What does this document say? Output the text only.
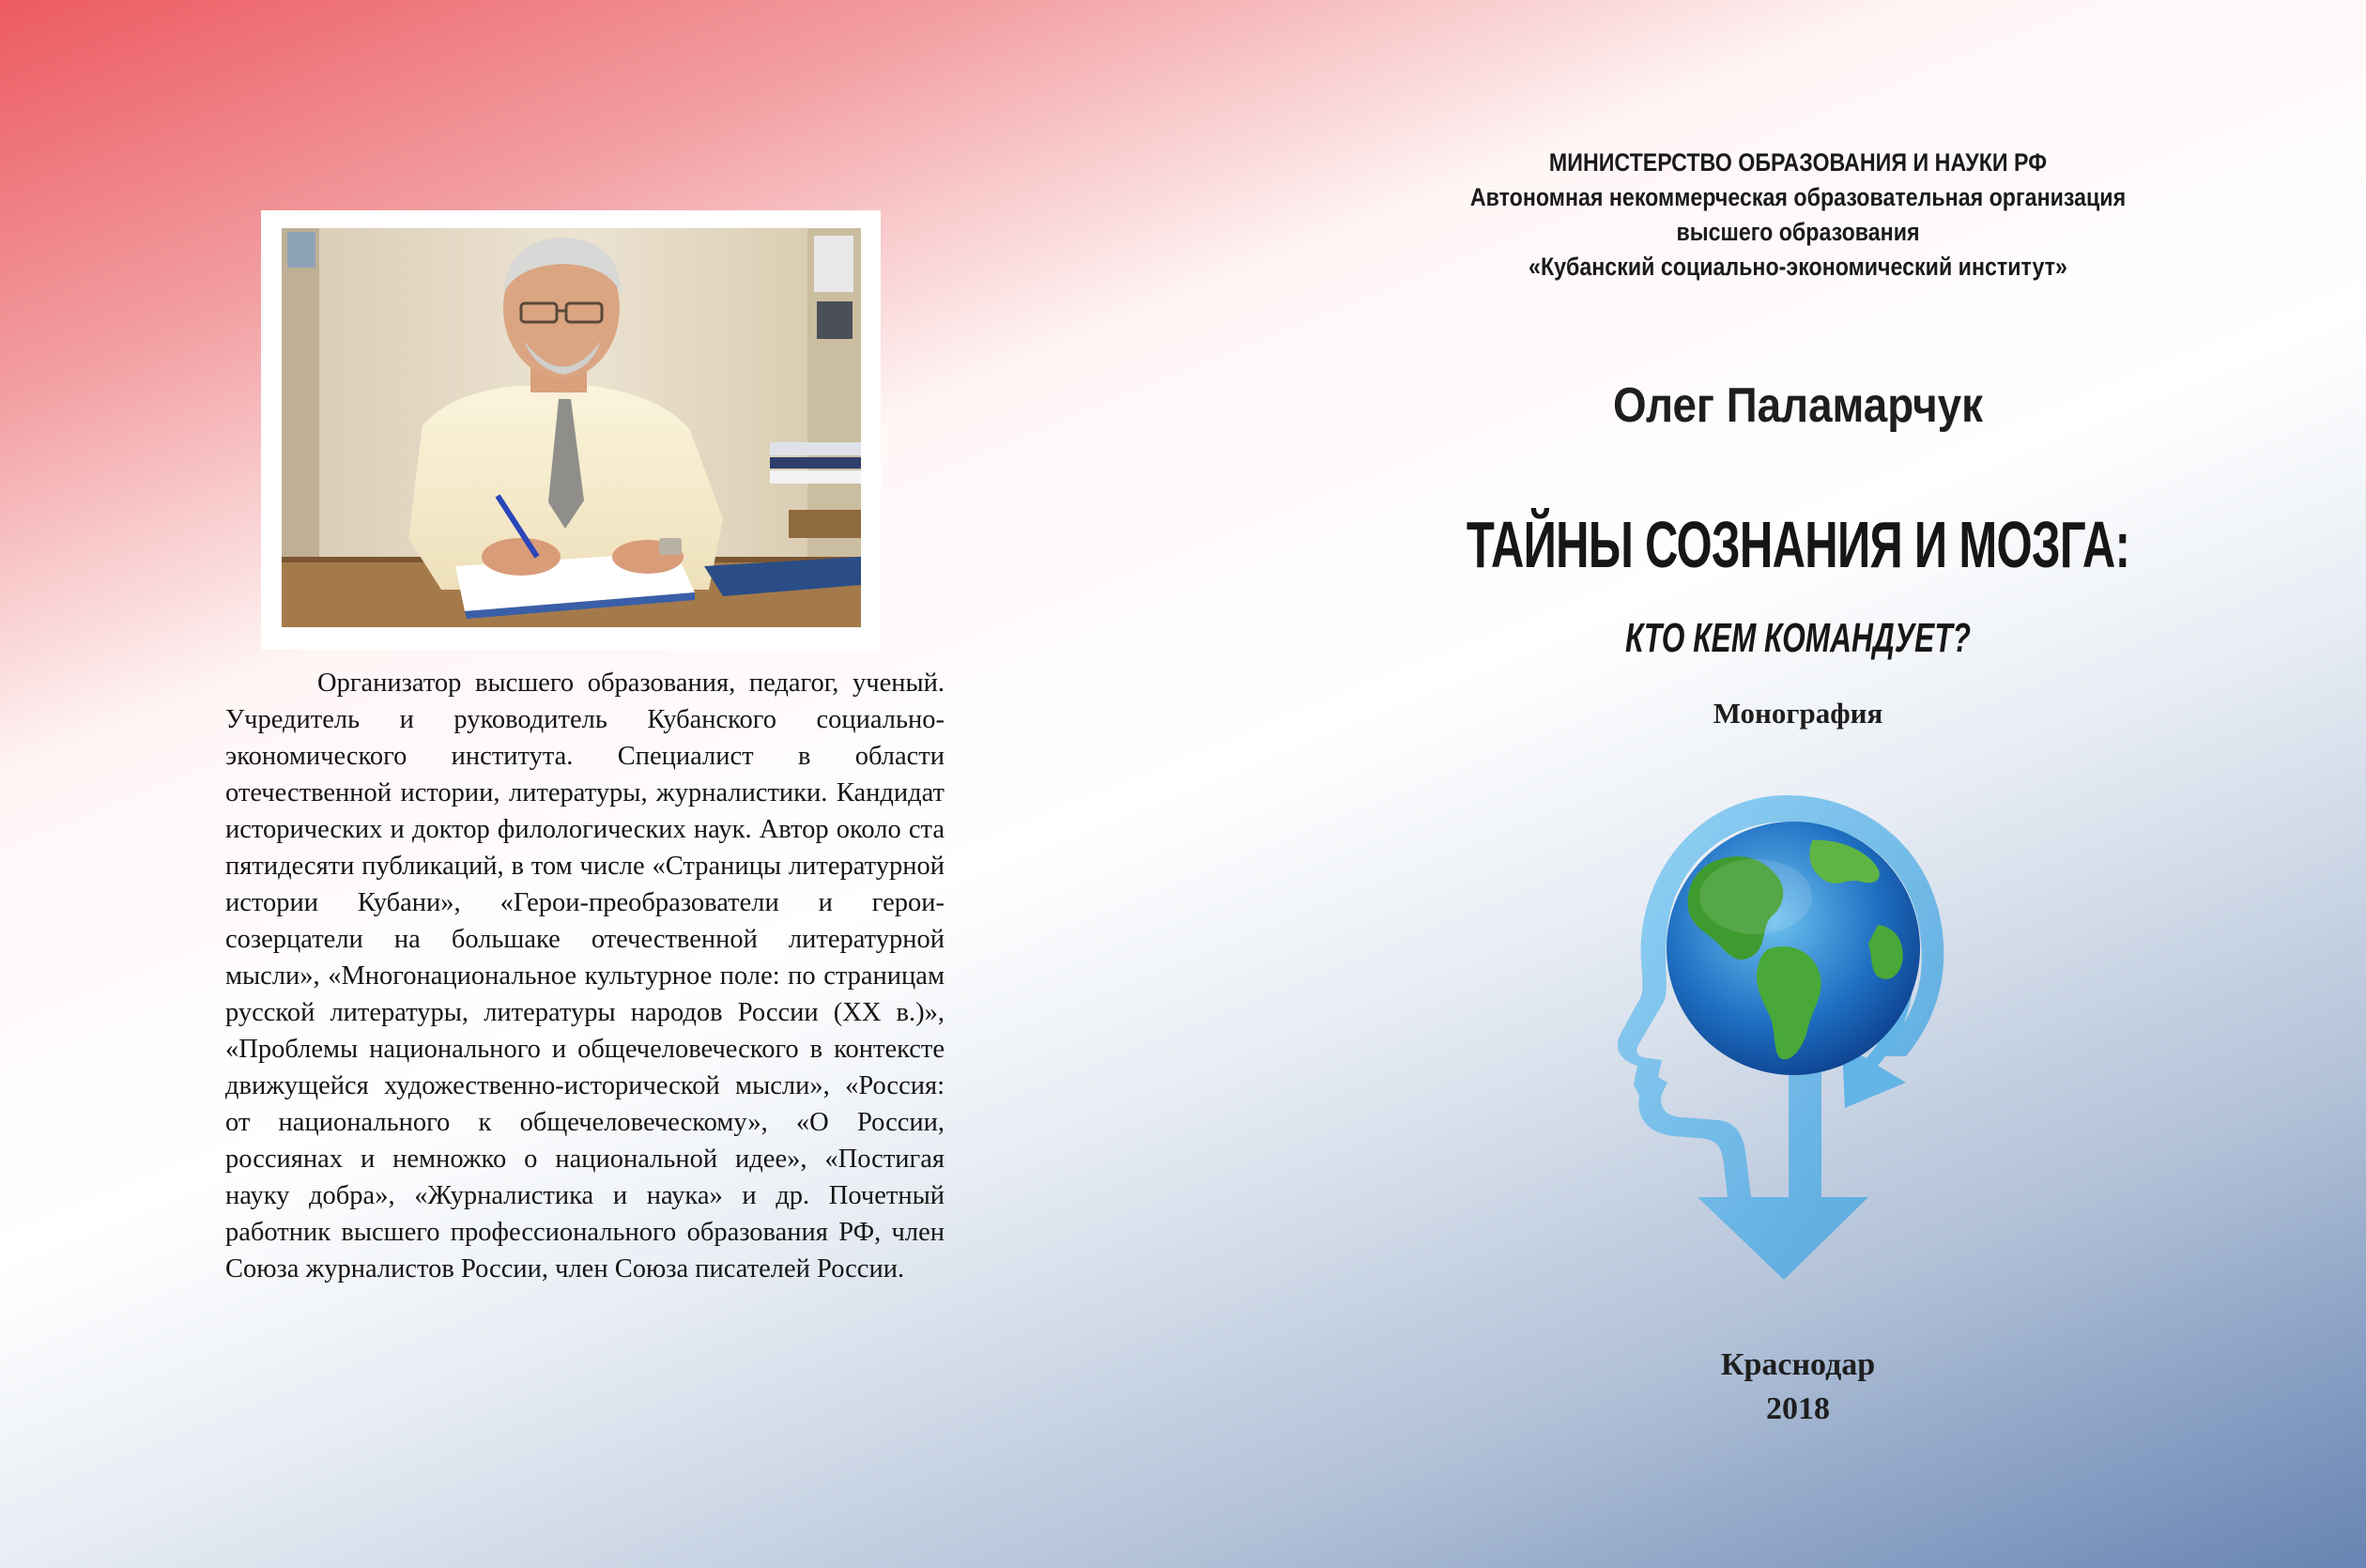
Организатор высшего образования, педагог, ученый. Учредитель и руководитель Кубанского социально-экономического института. Специалист в области отечественной истории, литературы, журналистики. Кандидат исторических и доктор филологических наук. Автор около ста пятидесяти публикаций, в том числе «Страницы литературной истории Кубани», «Герои-преобразователи и герои-созерцатели на большаке отечественной литературной мысли», «Многонациональное культурное поле: по страницам русской литературы, литературы народов России (XX в.)», «Проблемы национального и общечеловеческого в контексте движущейся художественно-исторической мысли», «Россия: от национального к общечеловеческому», «О России, россиянах и немножко о национальной идее», «Постигая науку добра», «Журналистика и наука» и др. Почетный работник высшего профессионального образования РФ, член Союза журналистов России, член Союза писателей России.

МИНИСТЕРСТВО ОБРАЗОВАНИЯ И НАУКИ РФ
Автономная некоммерческая образовательная организация
высшего образования
«Кубанский социально-экономический институт»
Олег Паламарчук
ТАЙНЫ СОЗНАНИЯ И МОЗГА:
КТО КЕМ КОМАНДУЕТ?
Монография
Краснодар
2018
